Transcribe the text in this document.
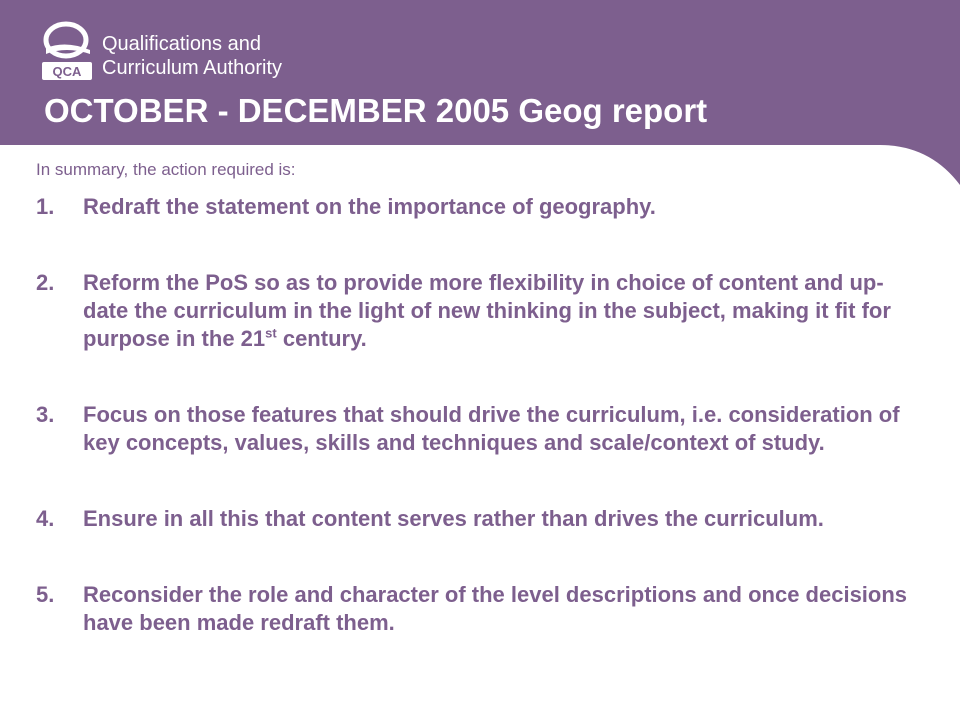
QCA
Qualifications and
Curriculum Authority
OCTOBER - DECEMBER 2005 Geog report

In summary, the action required is:

1.	Redraft the statement on the importance of geography.
2.	Reform the PoS so as to provide more flexibility in choice of content and up-date the curriculum in the light of new thinking in the subject, making it fit for purpose in the 21st century.
3.	Focus on those features that should drive the curriculum, i.e. consideration of key concepts, values, skills and techniques and scale/context of study.
4.	Ensure in all this that content serves rather than drives the curriculum.
5.	Reconsider the role and character of the level descriptions and once decisions have been made redraft them.
